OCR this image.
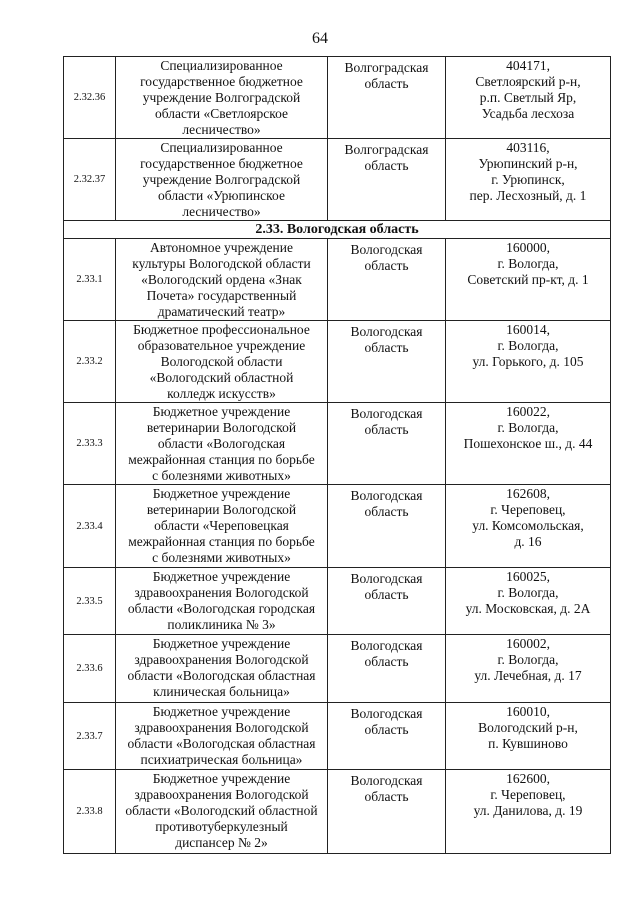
64
2.32.36	Специализированное
государственное бюджетное
учреждение Волгоградской
области «Светлоярское
лесничество»	Волгоградская
область	404171,
Светлоярский р-н,
р.п. Светлый Яр,
Усадьба лесхоза
2.32.37	Специализированное
государственное бюджетное
учреждение Волгоградской
области «Урюпинское
лесничество»	Волгоградская
область	403116,
Урюпинский р-н,
г. Урюпинск,
пер. Лесхозный, д. 1
2.33. Вологодская область			
2.33.1	Автономное учреждение
культуры Вологодской области
«Вологодский ордена «Знак
Почета» государственный
драматический театр»	Вологодская
область	160000,
г. Вологда,
Советский пр-кт, д. 1
2.33.2	Бюджетное профессиональное
образовательное учреждение
Вологодской области
«Вологодский областной
колледж искусств»	Вологодская
область	160014,
г. Вологда,
ул. Горького, д. 105
2.33.3	Бюджетное учреждение
ветеринарии Вологодской
области «Вологодская
межрайонная станция по борьбе
с болезнями животных»	Вологодская
область	160022,
г. Вологда,
Пошехонское ш., д. 44
2.33.4	Бюджетное учреждение
ветеринарии Вологодской
области «Череповецкая
межрайонная станция по борьбе
с болезнями животных»	Вологодская
область	162608,
г. Череповец,
ул. Комсомольская,
д. 16
2.33.5	Бюджетное учреждение
здравоохранения Вологодской
области «Вологодская городская
поликлиника № 3»	Вологодская
область	160025,
г. Вологда,
ул. Московская, д. 2А
2.33.6	Бюджетное учреждение
здравоохранения Вологодской
области «Вологодская областная
клиническая больница»	Вологодская
область	160002,
г. Вологда,
ул. Лечебная, д. 17
2.33.7	Бюджетное учреждение
здравоохранения Вологодской
области «Вологодская областная
психиатрическая больница»	Вологодская
область	160010,
Вологодский р-н,
п. Кувшиново
2.33.8	Бюджетное учреждение
здравоохранения Вологодской
области «Вологодский областной
противотуберкулезный
диспансер № 2»	Вологодская
область	162600,
г. Череповец,
ул. Данилова, д. 19
